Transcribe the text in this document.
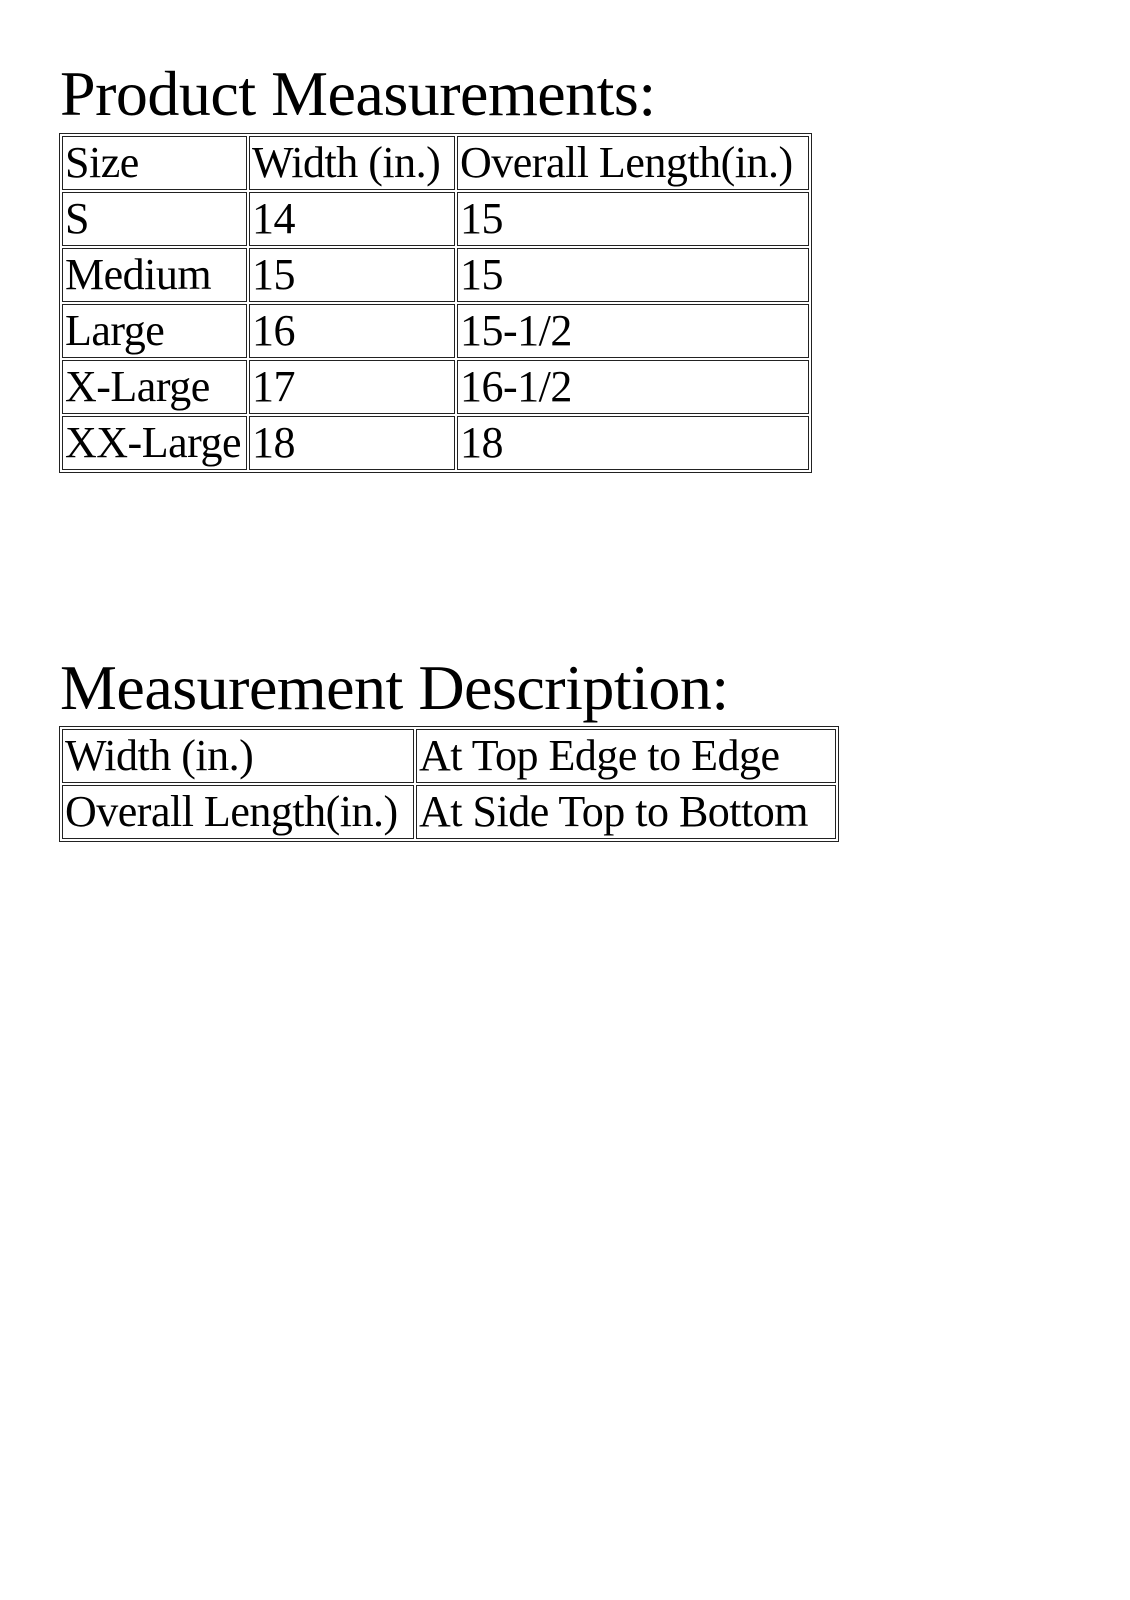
Product Measurements:
Size	Width (in.)	Overall Length(in.)
S	14	15
Medium	15	15
Large	16	15-1/2
X-Large	17	16-1/2
XX-Large	18	18
Measurement Description:
Width (in.)	At Top Edge to Edge
Overall Length(in.)	At Side Top to Bottom
